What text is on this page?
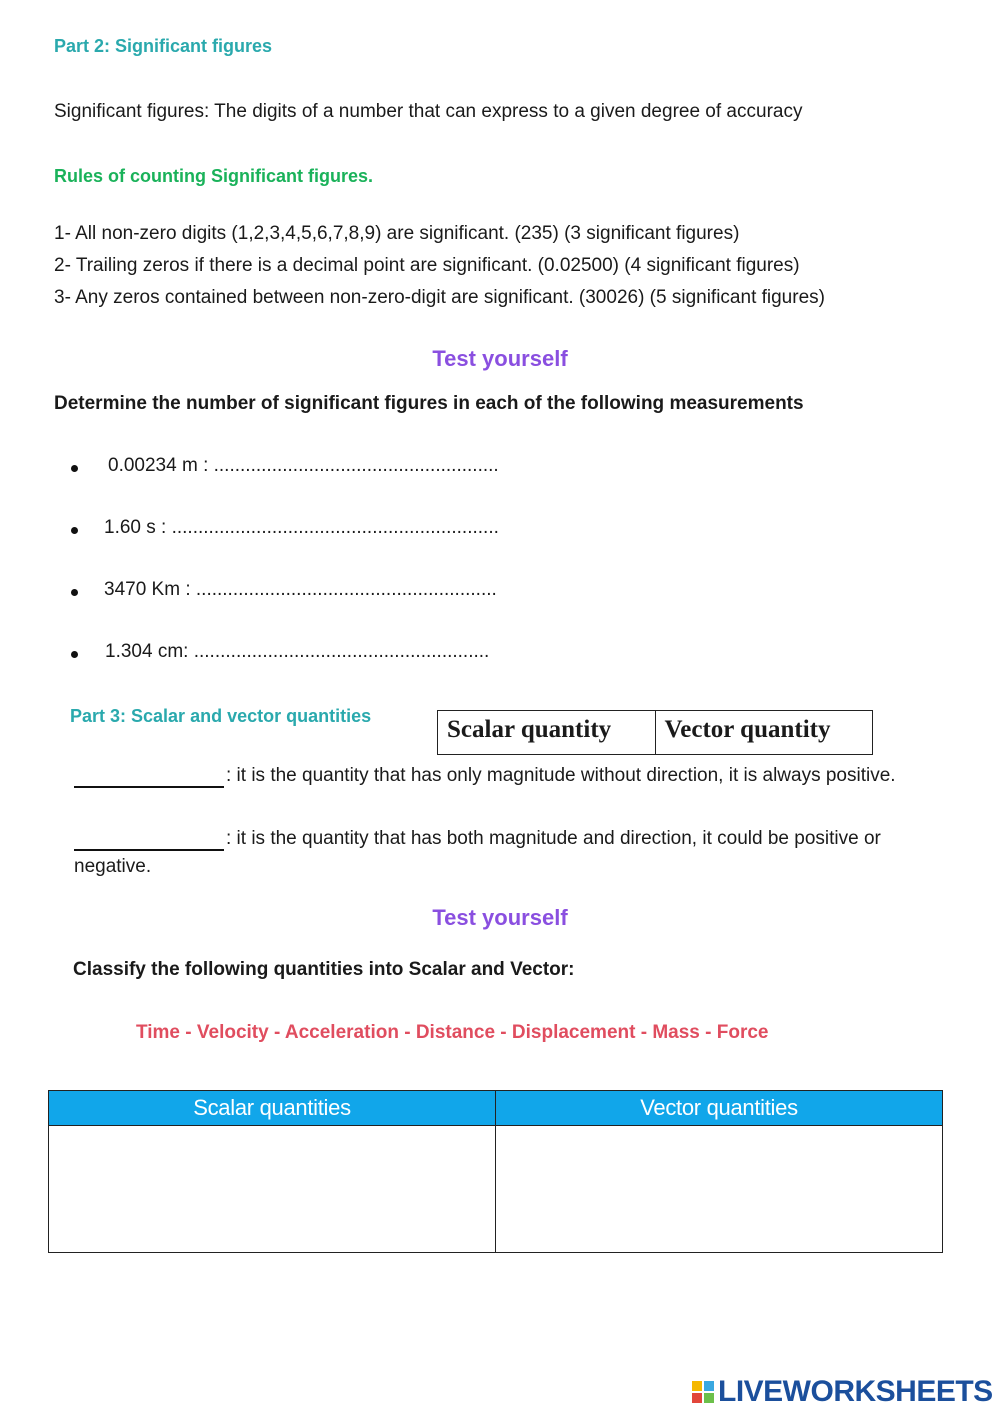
Part 2: Significant figures
Significant figures: The digits of a number that can express to a given degree of accuracy
Rules of counting Significant figures.
1- All non-zero digits (1,2,3,4,5,6,7,8,9) are significant. (235) (3 significant figures)
2- Trailing zeros if there is a decimal point are significant. (0.02500) (4 significant figures)
3- Any zeros contained between non-zero-digit are significant. (30026) (5 significant figures)
Test yourself
Determine the number of significant figures in each of the following measurements
0.00234 m : ......................................................
1.60 s : ..............................................................
3470 Km : .........................................................
1.304 cm: ........................................................
Part 3: Scalar and vector quantities	Scalar quantity	Vector quantity
: it is the quantity that has only magnitude without direction, it is always positive.
: it is the quantity that has both magnitude and direction, it could be positive or
negative.
Test yourself
Classify the following quantities into Scalar and Vector:
Time - Velocity - Acceleration - Distance - Displacement - Mass - Force
Scalar quantities	Vector quantities
LIVEWORKSHEETS
